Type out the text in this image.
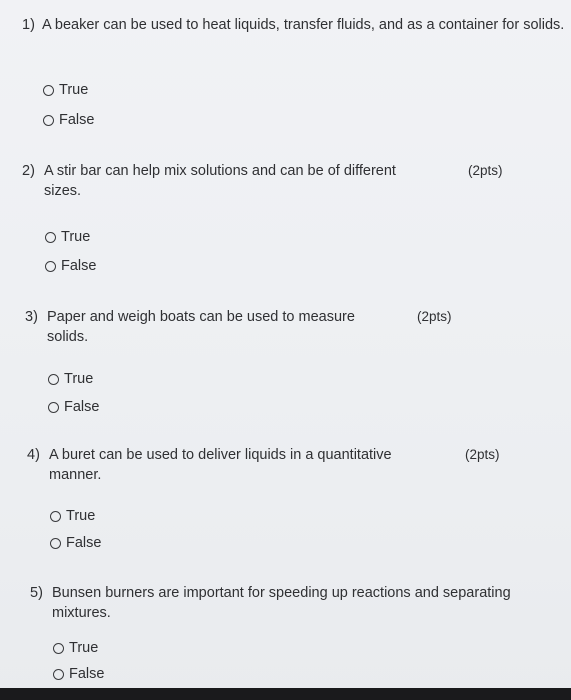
1) A beaker can be used to heat liquids, transfer fluids, and as a container for solids.
True
False
2) A stir bar can help mix solutions and can be of different sizes.
(2pts)
True
False
3) Paper and weigh boats can be used to measure solids.
(2pts)
True
False
4) A buret can be used to deliver liquids in a quantitative manner.
(2pts)
True
False
5) Bunsen burners are important for speeding up reactions and separating mixtures.
True
False
